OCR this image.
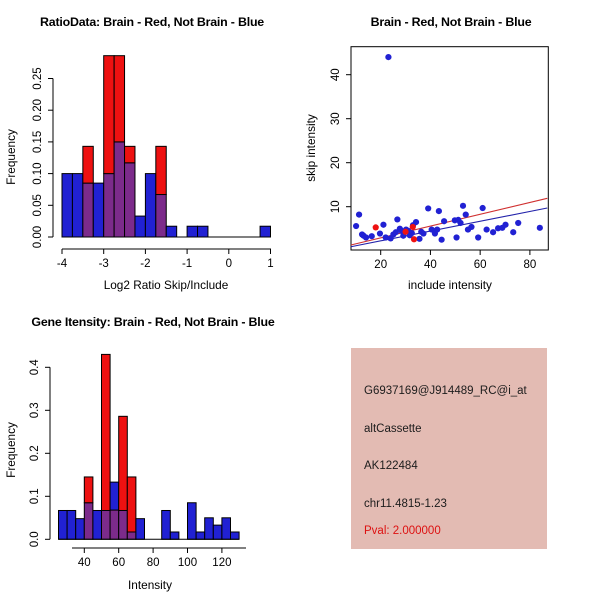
RatioData: Brain - Red, Not Brain - Blue
0.00
0.05
0.10
0.15
0.20
0.25
Frequency
-4	-3	-2	-1	0	1
Log2 Ratio Skip/Include
Brain - Red, Not Brain - Blue
20	40	60	80
10
20
30
40
skip intensity
include intensity
Gene Itensity: Brain - Red, Not Brain - Blue
0.0
0.1
0.2
0.3
0.4
Frequency
40 60 80 100 120
Intensity
G6937169@J914489_RC@i_at
altCassette
AK122484
chr11.4815-1.23
Pval: 2.000000
